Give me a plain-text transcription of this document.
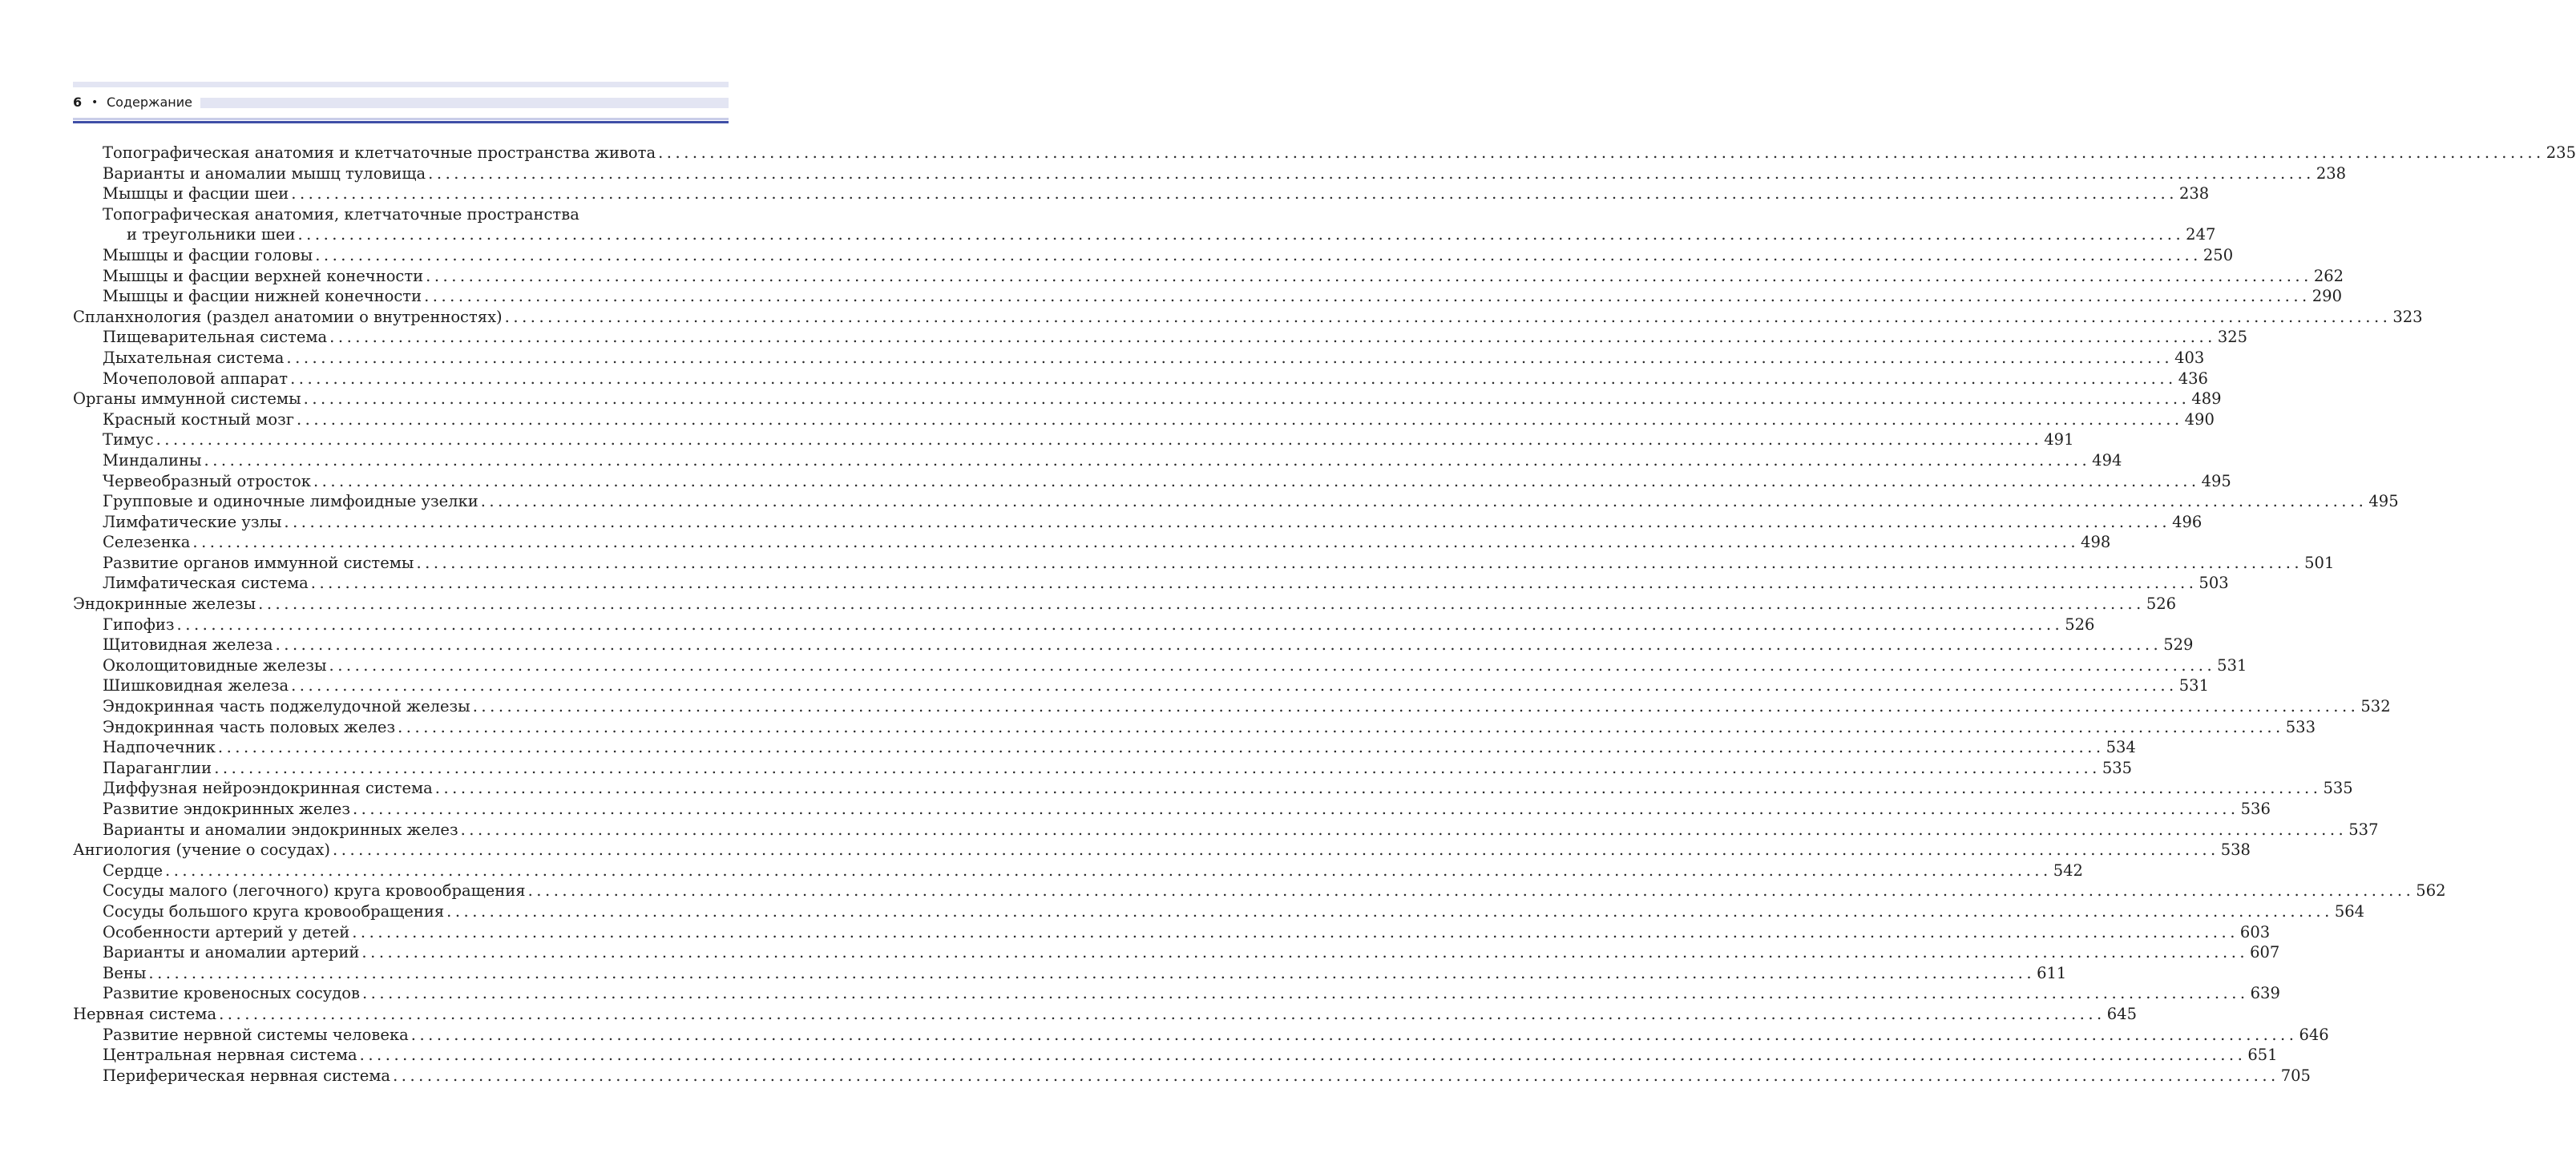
6 • Содержание
Топографическая анатомия и клетчаточные пространства живота ............................................................................................................................................................................................................................ 235
Варианты и аномалии мышц туловища ............................................................................................................................................................................................................................ 238
Мышцы и фасции шеи ............................................................................................................................................................................................................................ 238
Топографическая анатомия, клетчаточные пространства
и треугольники шеи ............................................................................................................................................................................................................................ 247
Мышцы и фасции головы ............................................................................................................................................................................................................................ 250
Мышцы и фасции верхней конечности ............................................................................................................................................................................................................................ 262
Мышцы и фасции нижней конечности ............................................................................................................................................................................................................................ 290
Спланхнология (раздел анатомии о внутренностях) ............................................................................................................................................................................................................................ 323
Пищеварительная система ............................................................................................................................................................................................................................ 325
Дыхательная система ............................................................................................................................................................................................................................ 403
Мочеполовой аппарат ............................................................................................................................................................................................................................ 436
Органы иммунной системы ............................................................................................................................................................................................................................ 489
Красный костный мозг ............................................................................................................................................................................................................................ 490
Тимус ............................................................................................................................................................................................................................ 491
Миндалины ............................................................................................................................................................................................................................ 494
Червеобразный отросток ............................................................................................................................................................................................................................ 495
Групповые и одиночные лимфоидные узелки ............................................................................................................................................................................................................................ 495
Лимфатические узлы ............................................................................................................................................................................................................................ 496
Селезенка ............................................................................................................................................................................................................................ 498
Развитие органов иммунной системы ............................................................................................................................................................................................................................ 501
Лимфатическая система ............................................................................................................................................................................................................................ 503
Эндокринные железы ............................................................................................................................................................................................................................ 526
Гипофиз ............................................................................................................................................................................................................................ 526
Щитовидная железа ............................................................................................................................................................................................................................ 529
Околощитовидные железы ............................................................................................................................................................................................................................ 531
Шишковидная железа ............................................................................................................................................................................................................................ 531
Эндокринная часть поджелудочной железы ............................................................................................................................................................................................................................ 532
Эндокринная часть половых желез ............................................................................................................................................................................................................................ 533
Надпочечник ............................................................................................................................................................................................................................ 534
Параганглии ............................................................................................................................................................................................................................ 535
Диффузная нейроэндокринная система ............................................................................................................................................................................................................................ 535
Развитие эндокринных желез ............................................................................................................................................................................................................................ 536
Варианты и аномалии эндокринных желез ............................................................................................................................................................................................................................ 537
Ангиология (учение о сосудах) ............................................................................................................................................................................................................................ 538
Сердце ............................................................................................................................................................................................................................ 542
Сосуды малого (легочного) круга кровообращения ............................................................................................................................................................................................................................ 562
Сосуды большого круга кровообращения ............................................................................................................................................................................................................................ 564
Особенности артерий у детей ............................................................................................................................................................................................................................ 603
Варианты и аномалии артерий ............................................................................................................................................................................................................................ 607
Вены ............................................................................................................................................................................................................................ 611
Развитие кровеносных сосудов ............................................................................................................................................................................................................................ 639
Нервная система ............................................................................................................................................................................................................................ 645
Развитие нервной системы человека ............................................................................................................................................................................................................................ 646
Центральная нервная система ............................................................................................................................................................................................................................ 651
Периферическая нервная система ............................................................................................................................................................................................................................ 705
